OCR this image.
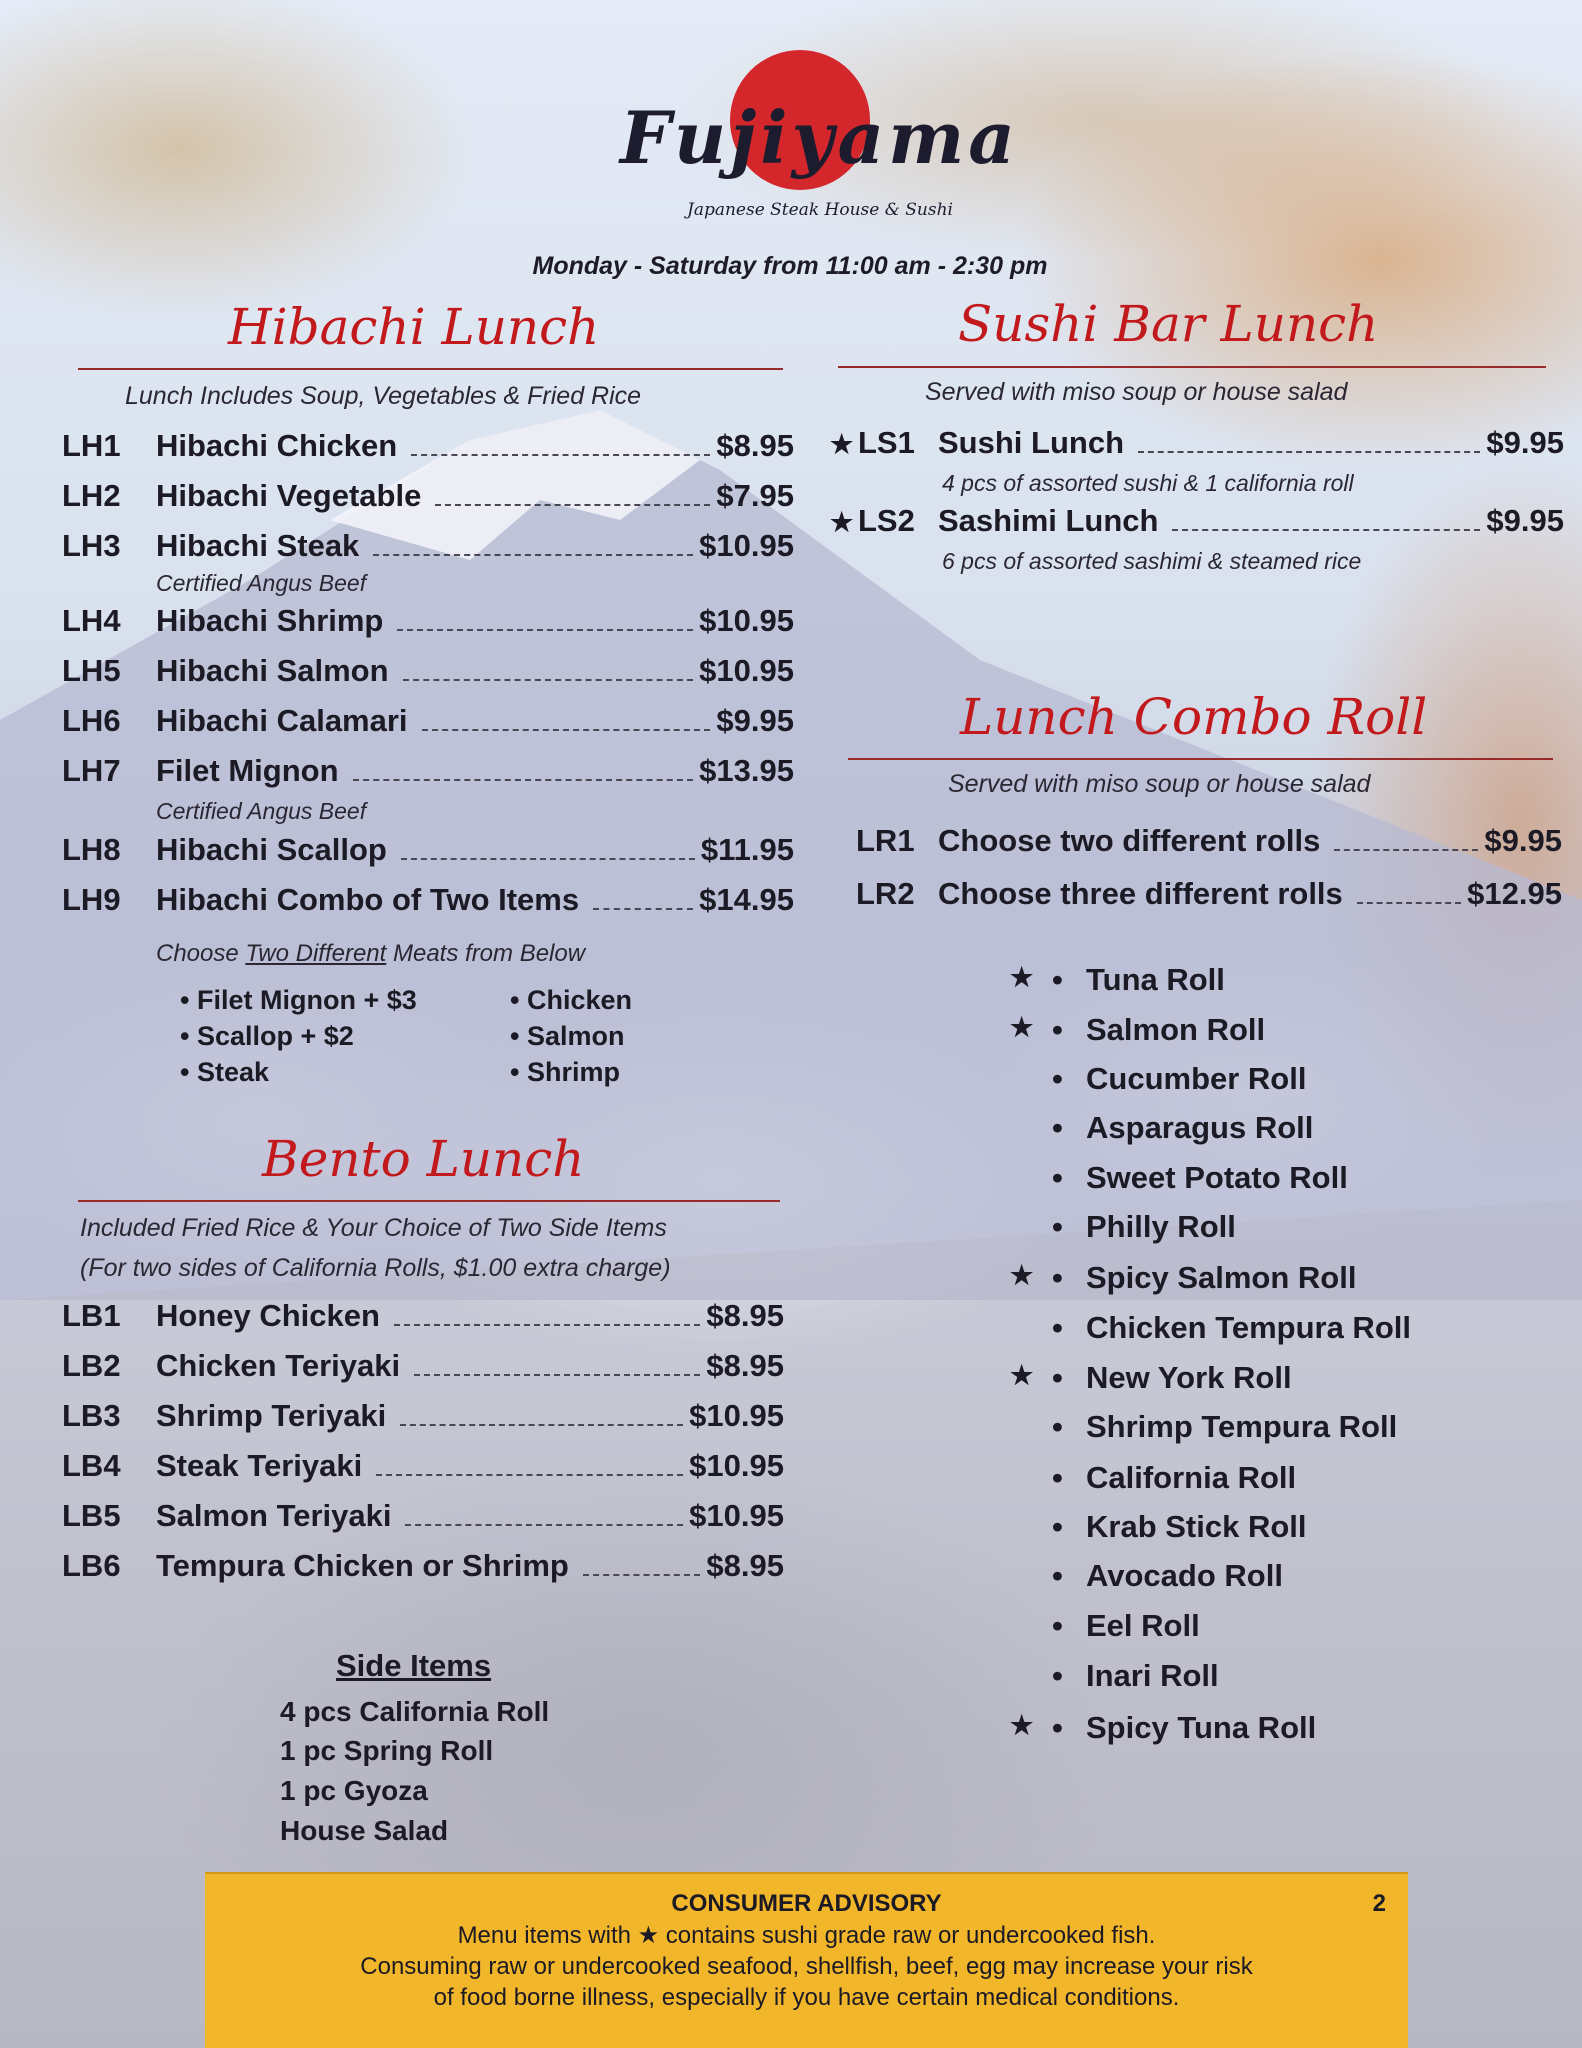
Fujiyama
Japanese Steak House & Sushi
Monday - Saturday from 11:00 am - 2:30 pm
Hibachi Lunch
Lunch Includes Soup, Vegetables & Fried Rice
LH1	Hibachi Chicken	$8.95
LH2	Hibachi Vegetable	$7.95
LH3	Hibachi Steak	$10.95
Certified Angus Beef
LH4	Hibachi Shrimp	$10.95
LH5	Hibachi Salmon	$10.95
LH6	Hibachi Calamari	$9.95
LH7	Filet Mignon	$13.95
Certified Angus Beef
LH8	Hibachi Scallop	$11.95
LH9	Hibachi Combo of Two Items	$14.95
Choose Two Different Meats from Below
• Filet Mignon + $3
• Scallop + $2
• Steak
• Chicken
• Salmon
• Shrimp
Bento Lunch
Included Fried Rice & Your Choice of Two Side Items
(For two sides of California Rolls, $1.00 extra charge)
LB1	Honey Chicken	$8.95
LB2	Chicken Teriyaki	$8.95
LB3	Shrimp Teriyaki	$10.95
LB4	Steak Teriyaki	$10.95
LB5	Salmon Teriyaki	$10.95
LB6	Tempura Chicken or Shrimp	$8.95
Side Items
4 pcs California Roll
1 pc Spring Roll
1 pc Gyoza
House Salad
Sushi Bar Lunch
Served with miso soup or house salad
★ LS1 Sushi Lunch	$9.95
4 pcs of assorted sushi & 1 california roll
★ LS2 Sashimi Lunch	$9.95
6 pcs of assorted sashimi & steamed rice
Lunch Combo Roll
Served with miso soup or house salad
LR1 Choose two different rolls	$9.95
LR2 Choose three different rolls	$12.95
★ • Tuna Roll
★ • Salmon Roll
• Cucumber Roll
• Asparagus Roll
• Sweet Potato Roll
• Philly Roll
★ • Spicy Salmon Roll
• Chicken Tempura Roll
★ • New York Roll
• Shrimp Tempura Roll
• California Roll
• Krab Stick Roll
• Avocado Roll
• Eel Roll
• Inari Roll
★ • Spicy Tuna Roll
CONSUMER ADVISORY
Menu items with ★ contains sushi grade raw or undercooked fish.
Consuming raw or undercooked seafood, shellfish, beef, egg may increase your risk
of food borne illness, especially if you have certain medical conditions.
2
